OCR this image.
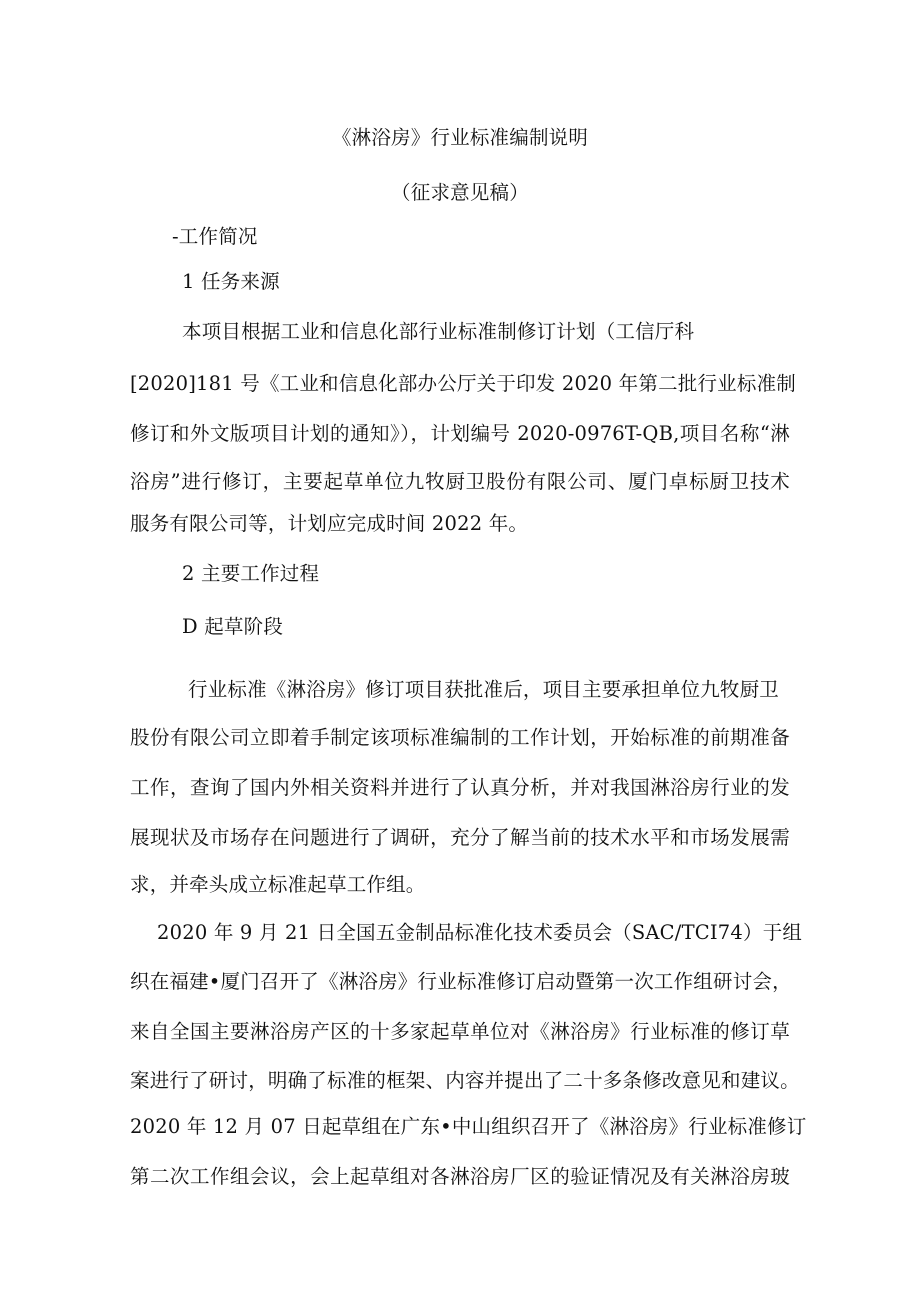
《淋浴房》行业标准编制说明
（征求意见稿）
-工作简况
1 任务来源
本项目根据工业和信息化部行业标准制修订计划（工信厅科
[2020]181 号《工业和信息化部办公厅关于印发 2020 年第二批行业标准制
修订和外文版项目计划的通知》），计划编号 2020-0976T-QB,项目名称“淋
浴房”进行修订，主要起草单位九牧厨卫股份有限公司、厦门卓标厨卫技术
服务有限公司等，计划应完成时间 2022 年。
2 主要工作过程
D 起草阶段
行业标准《淋浴房》修订项目获批准后，项目主要承担单位九牧厨卫
股份有限公司立即着手制定该项标准编制的工作计划，开始标准的前期准备
工作，查询了国内外相关资料并进行了认真分析，并对我国淋浴房行业的发
展现状及市场存在问题进行了调研，充分了解当前的技术水平和市场发展需
求，并牵头成立标准起草工作组。
2020 年 9 月 21 日全国五金制品标准化技术委员会（SAC/TCI74）于组
织在福建•厦门召开了《淋浴房》行业标准修订启动暨第一次工作组研讨会，
来自全国主要淋浴房产区的十多家起草单位对《淋浴房》行业标准的修订草
案进行了研讨，明确了标准的框架、内容并提出了二十多条修改意见和建议。
2020 年 12 月 07 日起草组在广东•中山组织召开了《淋浴房》行业标准修订
第二次工作组会议，会上起草组对各淋浴房厂区的验证情况及有关淋浴房玻
